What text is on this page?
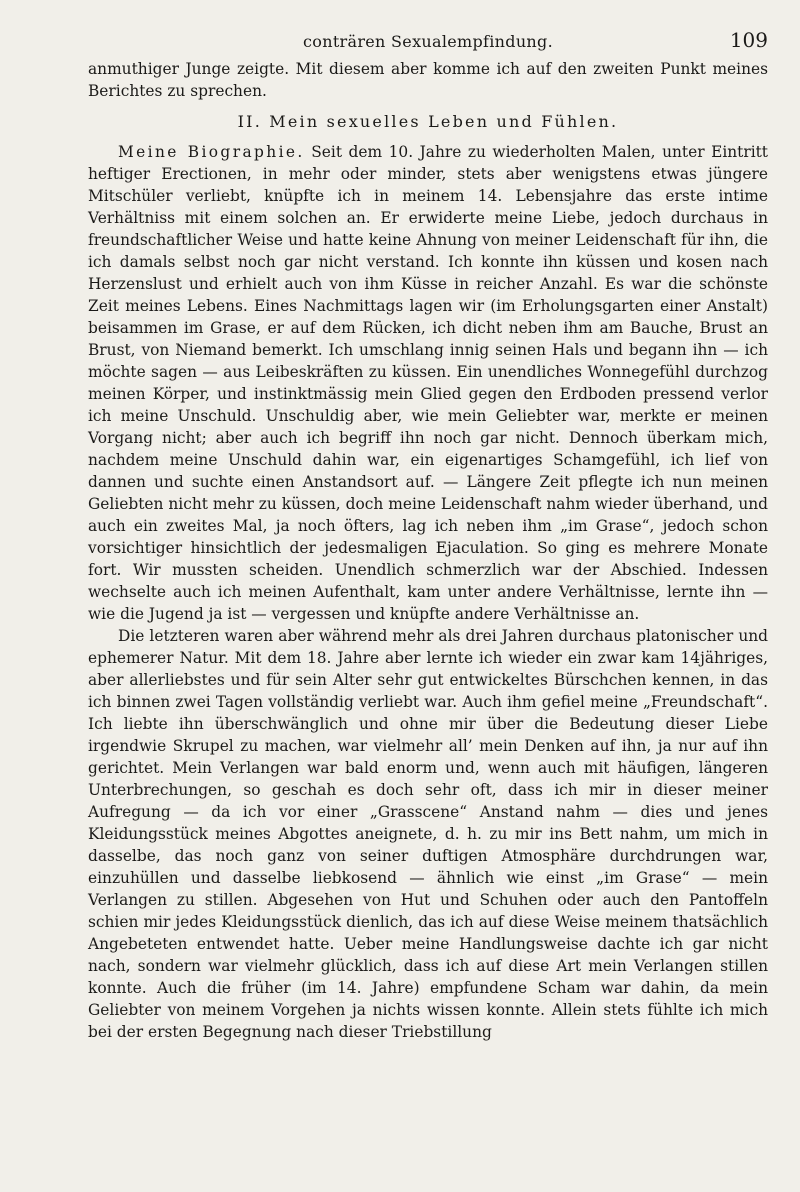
conträren Sexualempfindung.	109

anmuthiger Junge zeigte. Mit diesem aber komme ich auf den zweiten Punkt meines Berichtes zu sprechen.

II. Mein sexuelles Leben und Fühlen.

Meine Biographie. Seit dem 10. Jahre zu wiederholten Malen, unter Eintritt heftiger Erectionen, in mehr oder minder, stets aber wenigstens etwas jüngere Mitschüler verliebt, knüpfte ich in meinem 14. Lebensjahre das erste intime Verhältniss mit einem solchen an. Er erwiderte meine Liebe, jedoch durchaus in freundschaftlicher Weise und hatte keine Ahnung von meiner Leidenschaft für ihn, die ich damals selbst noch gar nicht verstand. Ich konnte ihn küssen und kosen nach Herzenslust und erhielt auch von ihm Küsse in reicher Anzahl. Es war die schönste Zeit meines Lebens. Eines Nachmittags lagen wir (im Erholungsgarten einer Anstalt) beisammen im Grase, er auf dem Rücken, ich dicht neben ihm am Bauche, Brust an Brust, von Niemand bemerkt. Ich umschlang innig seinen Hals und begann ihn — ich möchte sagen — aus Leibeskräften zu küssen. Ein unendliches Wonnegefühl durchzog meinen Körper, und instinktmässig mein Glied gegen den Erdboden pressend verlor ich meine Unschuld. Unschuldig aber, wie mein Geliebter war, merkte er meinen Vorgang nicht; aber auch ich begriff ihn noch gar nicht. Dennoch überkam mich, nachdem meine Unschuld dahin war, ein eigenartiges Schamgefühl, ich lief von dannen und suchte einen Anstandsort auf. — Längere Zeit pflegte ich nun meinen Geliebten nicht mehr zu küssen, doch meine Leidenschaft nahm wieder überhand, und auch ein zweites Mal, ja noch öfters, lag ich neben ihm „im Grase“, jedoch schon vorsichtiger hinsichtlich der jedesmaligen Ejaculation. So ging es mehrere Monate fort. Wir mussten scheiden. Unendlich schmerzlich war der Abschied. Indessen wechselte auch ich meinen Aufenthalt, kam unter andere Verhältnisse, lernte ihn — wie die Jugend ja ist — vergessen und knüpfte andere Verhältnisse an.

Die letzteren waren aber während mehr als drei Jahren durchaus platonischer und ephemerer Natur. Mit dem 18. Jahre aber lernte ich wieder ein zwar kam 14jähriges, aber allerliebstes und für sein Alter sehr gut entwickeltes Bürschchen kennen, in das ich binnen zwei Tagen vollständig verliebt war. Auch ihm gefiel meine „Freundschaft“. Ich liebte ihn überschwänglich und ohne mir über die Bedeutung dieser Liebe irgendwie Skrupel zu machen, war vielmehr all’ mein Denken auf ihn, ja nur auf ihn gerichtet. Mein Verlangen war bald enorm und, wenn auch mit häufigen, längeren Unterbrechungen, so geschah es doch sehr oft, dass ich mir in dieser meiner Aufregung — da ich vor einer „Grasscene“ Anstand nahm — dies und jenes Kleidungsstück meines Abgottes aneignete, d. h. zu mir ins Bett nahm, um mich in dasselbe, das noch ganz von seiner duftigen Atmosphäre durchdrungen war, einzuhüllen und dasselbe liebkosend — ähnlich wie einst „im Grase“ — mein Verlangen zu stillen. Abgesehen von Hut und Schuhen oder auch den Pantoffeln schien mir jedes Kleidungsstück dienlich, das ich auf diese Weise meinem thatsächlich Angebeteten entwendet hatte. Ueber meine Handlungsweise dachte ich gar nicht nach, sondern war vielmehr glücklich, dass ich auf diese Art mein Verlangen stillen konnte. Auch die früher (im 14. Jahre) empfundene Scham war dahin, da mein Geliebter von meinem Vorgehen ja nichts wissen konnte. Allein stets fühlte ich mich bei der ersten Begegnung nach dieser Triebstillung
